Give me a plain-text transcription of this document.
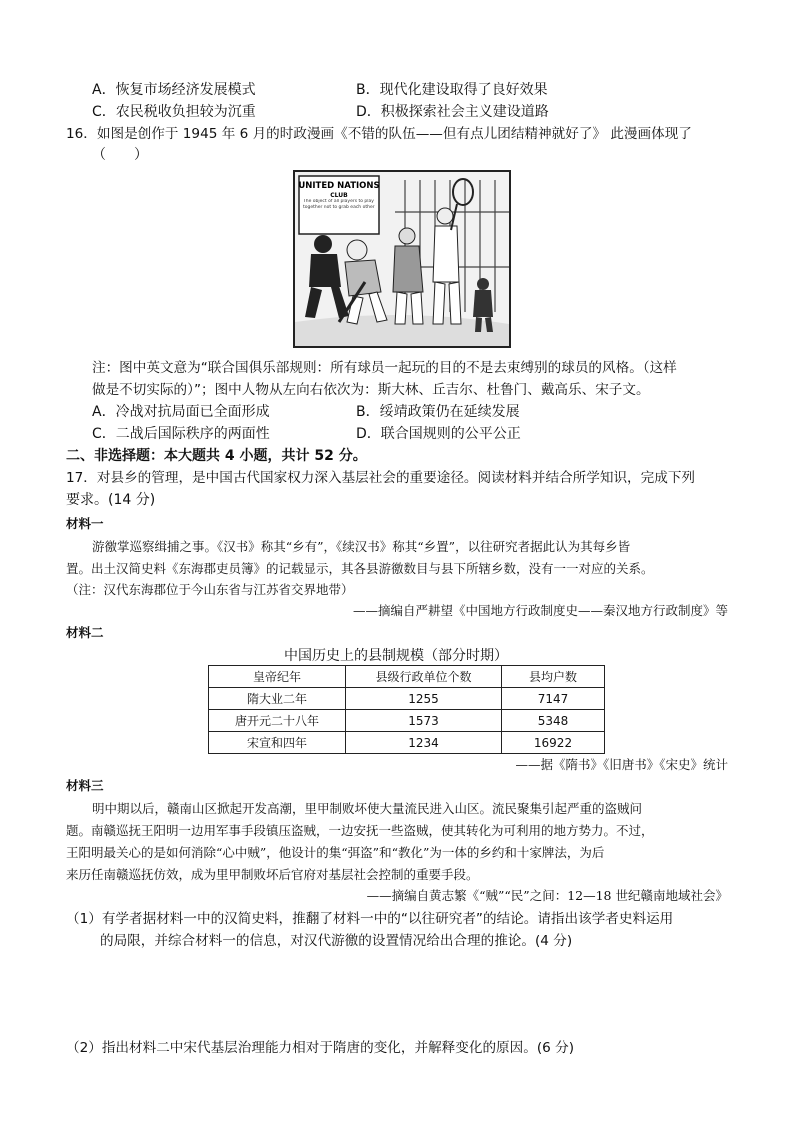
A．恢复市场经济发展模式	B．现代化建设取得了良好效果
C．农民税收负担较为沉重	D．积极探索社会主义建设道路
16．如图是创作于 1945 年 6 月的时政漫画《不错的队伍——但有点儿团结精神就好了》 此漫画体现了
（　　）
UNITED NATIONS
CLUB
The object of all players to play together not to grab each other
注：图中英文意为“联合国俱乐部规则：所有球员一起玩的目的不是去束缚别的球员的风格。（这样
做是不切实际的）”；图中人物从左向右依次为：斯大林、丘吉尔、杜鲁门、戴高乐、宋子文。
A．冷战对抗局面已全面形成	B．绥靖政策仍在延续发展
C．二战后国际秩序的两面性	D．联合国规则的公平公正
二、非选择题：本大题共 4 小题，共计 52 分。
17．对县乡的管理，是中国古代国家权力深入基层社会的重要途径。阅读材料并结合所学知识，完成下列
要求。(14 分)
材料一
游徼掌巡察缉捕之事。《汉书》称其“乡有”，《续汉书》称其“乡置”，以往研究者据此认为其每乡皆
置。出土汉简史料《东海郡吏员簿》的记载显示，其各县游徼数目与县下所辖乡数，没有一一对应的关系。
（注：汉代东海郡位于今山东省与江苏省交界地带）
——摘编自严耕望《中国地方行政制度史——秦汉地方行政制度》等
材料二
中国历史上的县制规模（部分时期）
皇帝纪年	县级行政单位个数	县均户数
隋大业二年	1255	7147
唐开元二十八年	1573	5348
宋宣和四年	1234	16922
——据《隋书》《旧唐书》《宋史》统计
材料三
明中期以后，赣南山区掀起开发高潮，里甲制败坏使大量流民进入山区。流民聚集引起严重的盗贼问
题。南赣巡抚王阳明一边用军事手段镇压盗贼，一边安抚一些盗贼，使其转化为可利用的地方势力。不过，
王阳明最关心的是如何消除“心中贼”，他设计的集“弭盗”和“教化”为一体的乡约和十家牌法，为后
来历任南赣巡抚仿效，成为里甲制败坏后官府对基层社会控制的重要手段。
——摘编自黄志繁《“贼”“民”之间：12—18 世纪赣南地域社会》
（1）有学者据材料一中的汉简史料，推翻了材料一中的“以往研究者”的结论。请指出该学者史料运用
的局限，并综合材料一的信息，对汉代游徼的设置情况给出合理的推论。(4 分)
（2）指出材料二中宋代基层治理能力相对于隋唐的变化，并解释变化的原因。(6 分)
